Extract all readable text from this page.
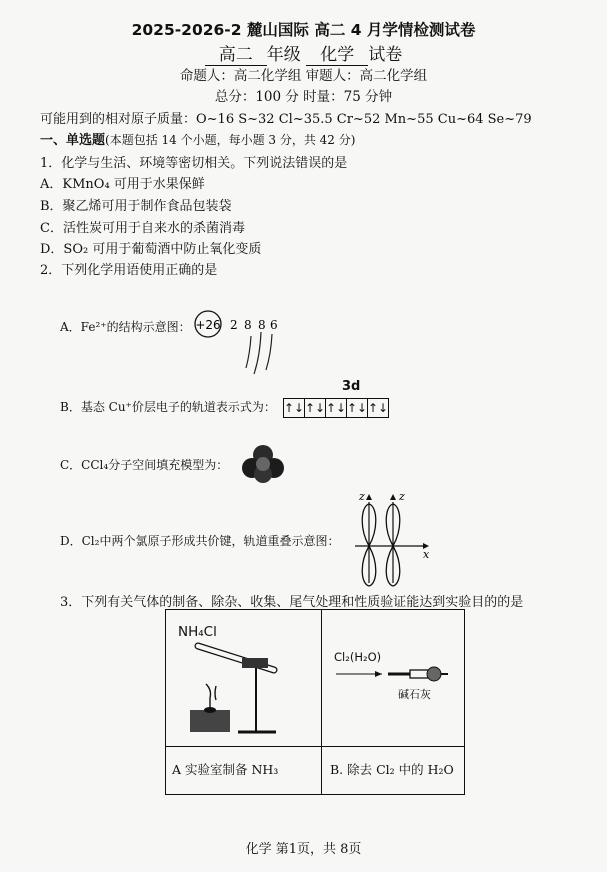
2025-2026-2 麓山国际 高二 4 月学情检测试卷
高二 年级 化学 试卷
命题人：高二化学组 审题人：高二化学组
总分：100 分 时量：75 分钟
可能用到的相对原子质量：O~16 S~32 Cl~35.5 Cr~52 Mn~55 Cu~64 Se~79
一、单选题(本题包括 14 个小题，每小题 3 分，共 42 分)
1．化学与生活、环境等密切相关。下列说法错误的是
A．KMnO₄ 可用于水果保鲜
B．聚乙烯可用于制作食品包装袋
C．活性炭可用于自来水的杀菌消毒
D．SO₂ 可用于葡萄酒中防止氧化变质
2．下列化学用语使用正确的是
A．Fe²⁺的结构示意图： +26 2 8 8 6
B．基态 Cu⁺价层电子的轨道表示式为：
3d
↑↓ ↑↓ ↑↓ ↑↓ ↑↓
C．CCl₄分子空间填充模型为：
D．Cl₂中两个氯原子形成共价键，轨道重叠示意图：
z	z
x
3．下列有关气体的制备、除杂、收集、尾气处理和性质验证能达到实验目的的是
NH₄Cl
Cl₂(H₂O)
碱石灰
A 实验室制备 NH₃	B. 除去 Cl₂ 中的 H₂O
化学 第1页，共 8页
